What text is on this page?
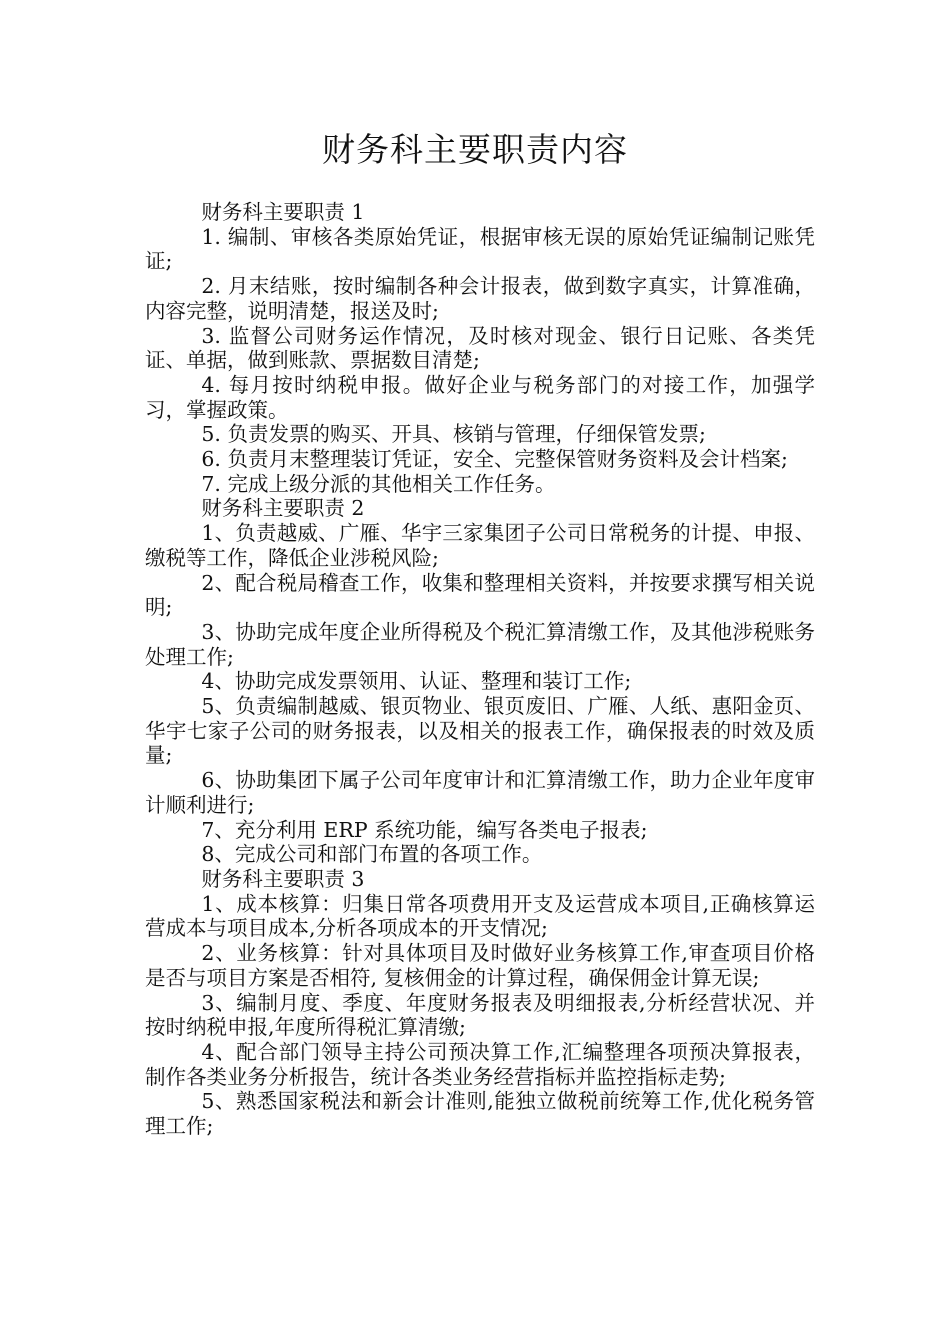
财务科主要职责内容

财务科主要职责 1

1. 编制、审核各类原始凭证，根据审核无误的原始凭证编制记账凭证;

2. 月末结账，按时编制各种会计报表，做到数字真实，计算准确，内容完整，说明清楚，报送及时;

3. 监督公司财务运作情况，及时核对现金、银行日记账、各类凭证、单据，做到账款、票据数目清楚;

4. 每月按时纳税申报。做好企业与税务部门的对接工作，加强学习，掌握政策。

5. 负责发票的购买、开具、核销与管理，仔细保管发票;

6. 负责月末整理装订凭证，安全、完整保管财务资料及会计档案;

7. 完成上级分派的其他相关工作任务。

财务科主要职责 2

1、负责越威、广雁、华宇三家集团子公司日常税务的计提、申报、缴税等工作，降低企业涉税风险;

2、配合税局稽查工作，收集和整理相关资料，并按要求撰写相关说明;

3、协助完成年度企业所得税及个税汇算清缴工作，及其他涉税账务处理工作;

4、协助完成发票领用、认证、整理和装订工作;

5、负责编制越威、银页物业、银页废旧、广雁、人纸、惠阳金页、华宇七家子公司的财务报表，以及相关的报表工作，确保报表的时效及质量;

6、协助集团下属子公司年度审计和汇算清缴工作，助力企业年度审计顺利进行;

7、充分利用 ERP 系统功能，编写各类电子报表;

8、完成公司和部门布置的各项工作。

财务科主要职责 3

1、成本核算：归集日常各项费用开支及运营成本项目,正确核算运营成本与项目成本,分析各项成本的开支情况;

2、业务核算：针对具体项目及时做好业务核算工作,审查项目价格是否与项目方案是否相符, 复核佣金的计算过程，确保佣金计算无误;

3、编制月度、季度、年度财务报表及明细报表,分析经营状况、并按时纳税申报,年度所得税汇算清缴;

4、配合部门领导主持公司预决算工作,汇编整理各项预决算报表，制作各类业务分析报告，统计各类业务经营指标并监控指标走势;

5、熟悉国家税法和新会计准则,能独立做税前统筹工作,优化税务管理工作;
